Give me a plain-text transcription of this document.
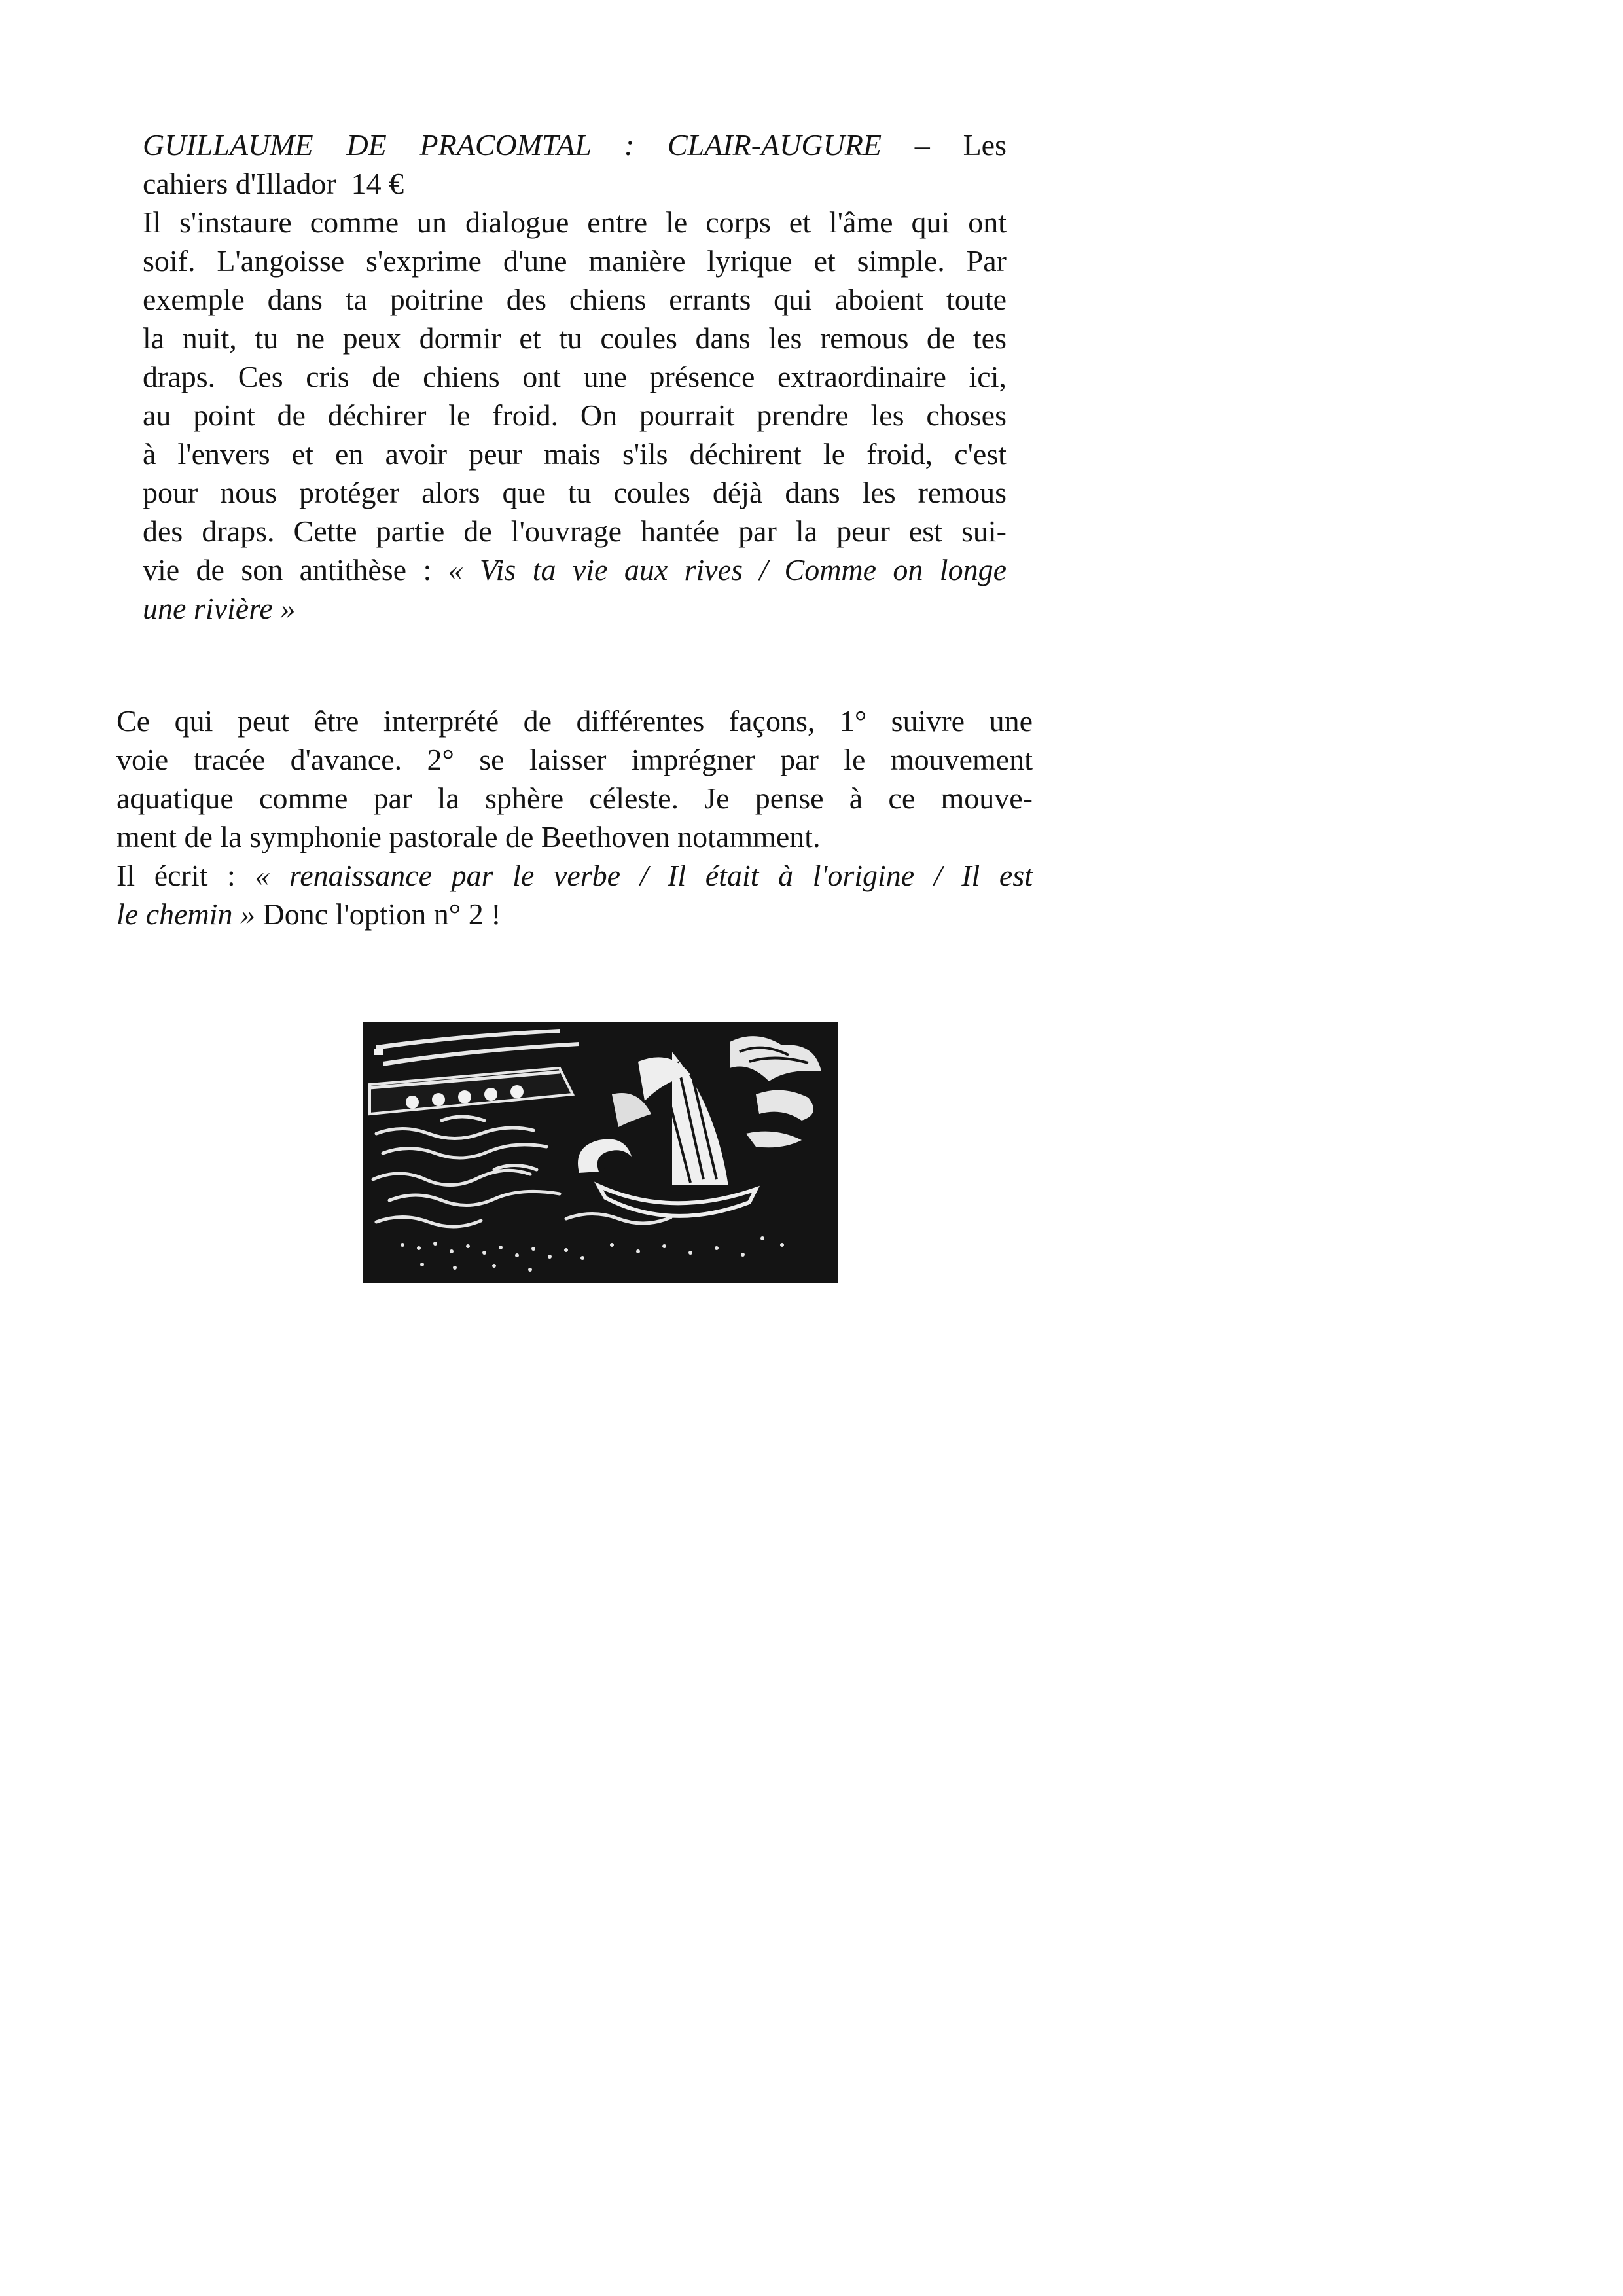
GUILLAUME DE PRACOMTAL : CLAIR-AUGURE – Les
cahiers d'Illador 14 €
Il s'instaure comme un dialogue entre le corps et l'âme qui ont
soif. L'angoisse s'exprime d'une manière lyrique et simple. Par
exemple dans ta poitrine des chiens errants qui aboient toute
la nuit, tu ne peux dormir et tu coules dans les remous de tes
draps. Ces cris de chiens ont une présence extraordinaire ici,
au point de déchirer le froid. On pourrait prendre les choses
à l'envers et en avoir peur mais s'ils déchirent le froid, c'est
pour nous protéger alors que tu coules déjà dans les remous
des draps. Cette partie de l'ouvrage hantée par la peur est sui-
vie de son antithèse : « Vis ta vie aux rives / Comme on longe
une rivière »
Ce qui peut être interprété de différentes façons, 1° suivre une
voie tracée d'avance. 2° se laisser imprégner par le mouvement
aquatique comme par la sphère céleste. Je pense à ce mouve-
ment de la symphonie pastorale de Beethoven notamment.
Il écrit : « renaissance par le verbe / Il était à l'origine / Il est
le chemin » Donc l'option n° 2 !
